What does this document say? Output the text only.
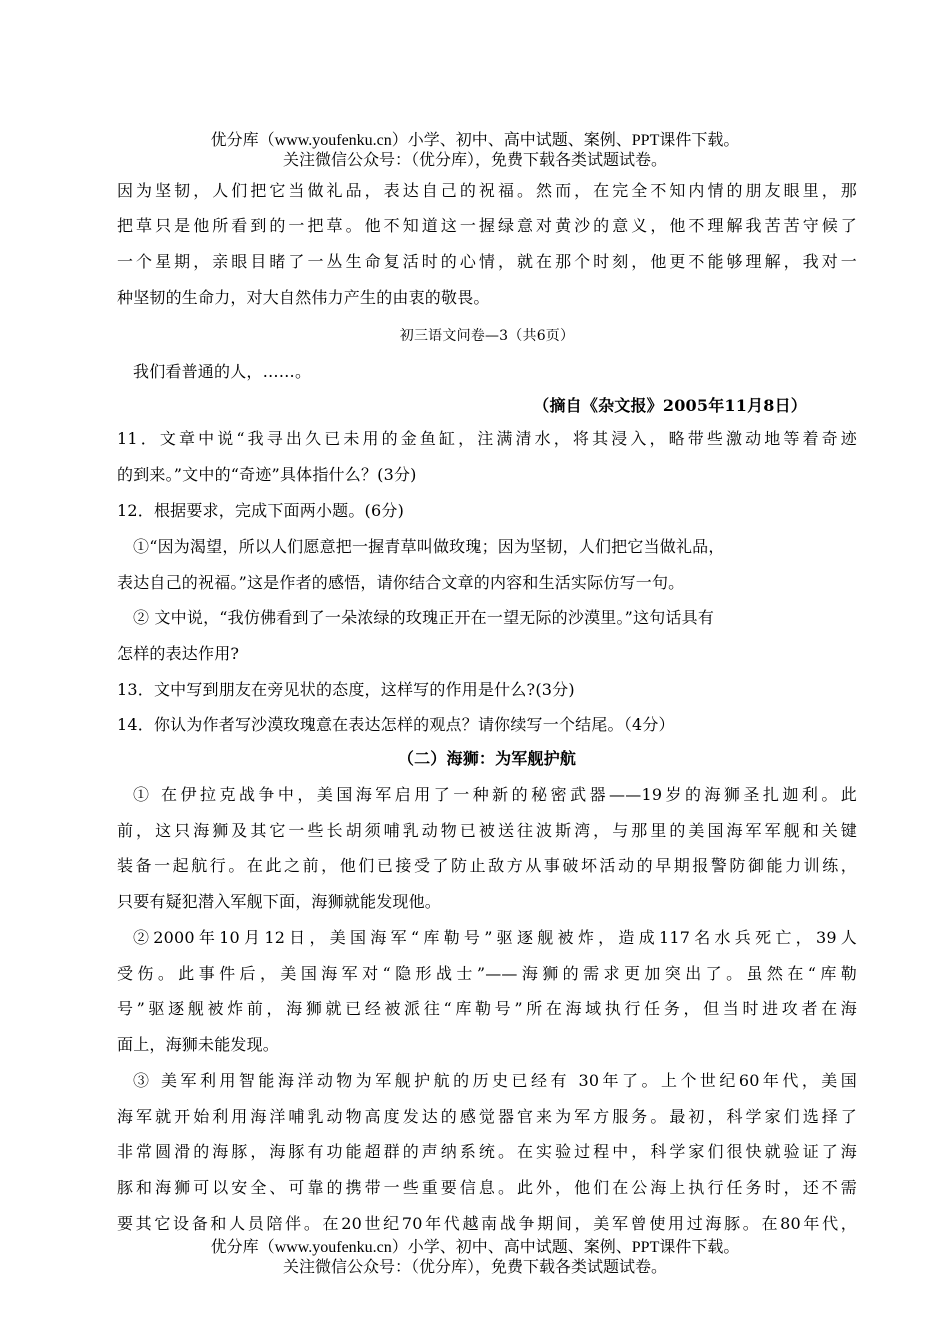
优分库（www.youfenku.cn）小学、初中、高中试题、案例、PPT课件下载。
关注微信公众号：（优分库），免费下载各类试题试卷。
因为坚韧，人们把它当做礼品，表达自己的祝福。然而，在完全不知内情的朋友眼里，那
把草只是他所看到的一把草。他不知道这一握绿意对黄沙的意义，他不理解我苦苦守候了
一个星期，亲眼目睹了一丛生命复活时的心情，就在那个时刻，他更不能够理解，我对一
种坚韧的生命力，对大自然伟力产生的由衷的敬畏。
初三语文问卷—3（共6页）
我们看普通的人，……。
（摘自《杂文报》2005年11月8日）
11．文章中说“我寻出久已未用的金鱼缸，注满清水，将其浸入，略带些激动地等着奇迹
的到来。”文中的“奇迹”具体指什么？(3分)
12．根据要求，完成下面两小题。(6分)
①“因为渴望，所以人们愿意把一握青草叫做玫瑰；因为坚韧，人们把它当做礼品，
表达自己的祝福。”这是作者的感悟，请你结合文章的内容和生活实际仿写一句。
② 文中说，“我仿佛看到了一朵浓绿的玫瑰正开在一望无际的沙漠里。”这句话具有
怎样的表达作用?
13．文中写到朋友在旁见状的态度，这样写的作用是什么?(3分)
14．你认为作者写沙漠玫瑰意在表达怎样的观点？请你续写一个结尾。（4分）
（二）海狮：为军舰护航
① 在伊拉克战争中，美国海军启用了一种新的秘密武器——19岁的海狮圣扎迦利。此
前，这只海狮及其它一些长胡须哺乳动物已被送往波斯湾，与那里的美国海军军舰和关键
装备一起航行。在此之前，他们已接受了防止敌方从事破坏活动的早期报警防御能力训练，
只要有疑犯潜入军舰下面，海狮就能发现他。
②2000年10月12日，美国海军“库勒号”驱逐舰被炸，造成117名水兵死亡，39人
受伤。此事件后，美国海军对“隐形战士”——海狮的需求更加突出了。虽然在“库勒
号”驱逐舰被炸前，海狮就已经被派往“库勒号”所在海域执行任务，但当时进攻者在海
面上，海狮未能发现。
③ 美军利用智能海洋动物为军舰护航的历史已经有 30年了。上个世纪60年代，美国
海军就开始利用海洋哺乳动物高度发达的感觉器官来为军方服务。最初，科学家们选择了
非常圆滑的海豚，海豚有功能超群的声纳系统。在实验过程中，科学家们很快就验证了海
豚和海狮可以安全、可靠的携带一些重要信息。此外，他们在公海上执行任务时，还不需
要其它设备和人员陪伴。在20世纪70年代越南战争期间，美军曾使用过海豚。在80年代，
优分库（www.youfenku.cn）小学、初中、高中试题、案例、PPT课件下载。
关注微信公众号：（优分库），免费下载各类试题试卷。
